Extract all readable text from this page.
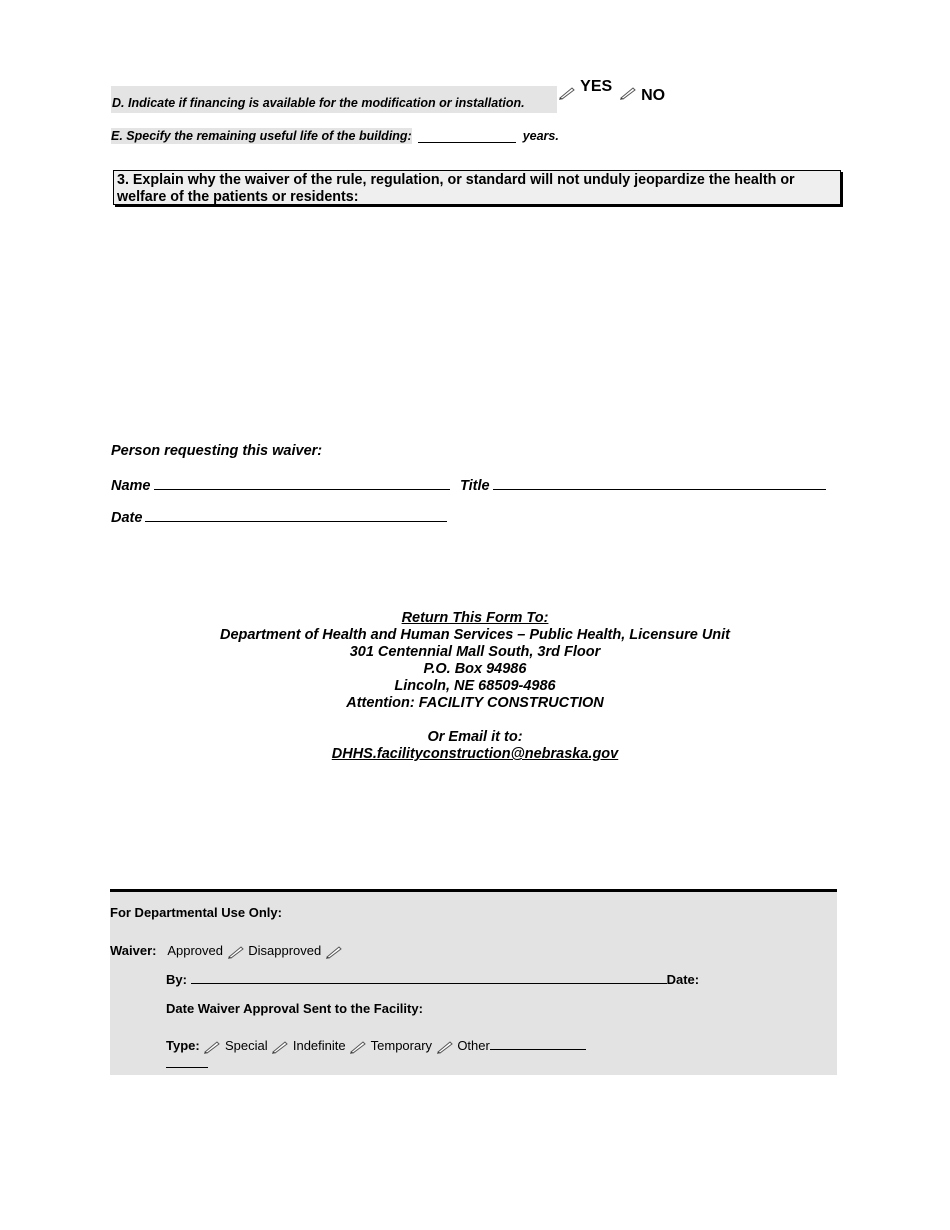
D. Indicate if financing is available for the modification or installation.
YES
NO
E. Specify the remaining useful life of the building:	years.
3. Explain why the waiver of the rule, regulation, or standard will not unduly jeopardize the health or welfare of the patients or residents:
Person requesting this waiver:
Name	Title
Date
Return This Form To:
Department of Health and Human Services – Public Health, Licensure Unit
301 Centennial Mall South, 3rd Floor
P.O. Box 94986
Lincoln, NE 68509-4986
Attention: FACILITY CONSTRUCTION
Or Email it to:
DHHS.facilityconstruction@nebraska.gov
For Departmental Use Only:
Waiver: Approved Disapproved
By:	Date:
Date Waiver Approval Sent to the Facility:
Type: Special Indefinite Temporary Other
